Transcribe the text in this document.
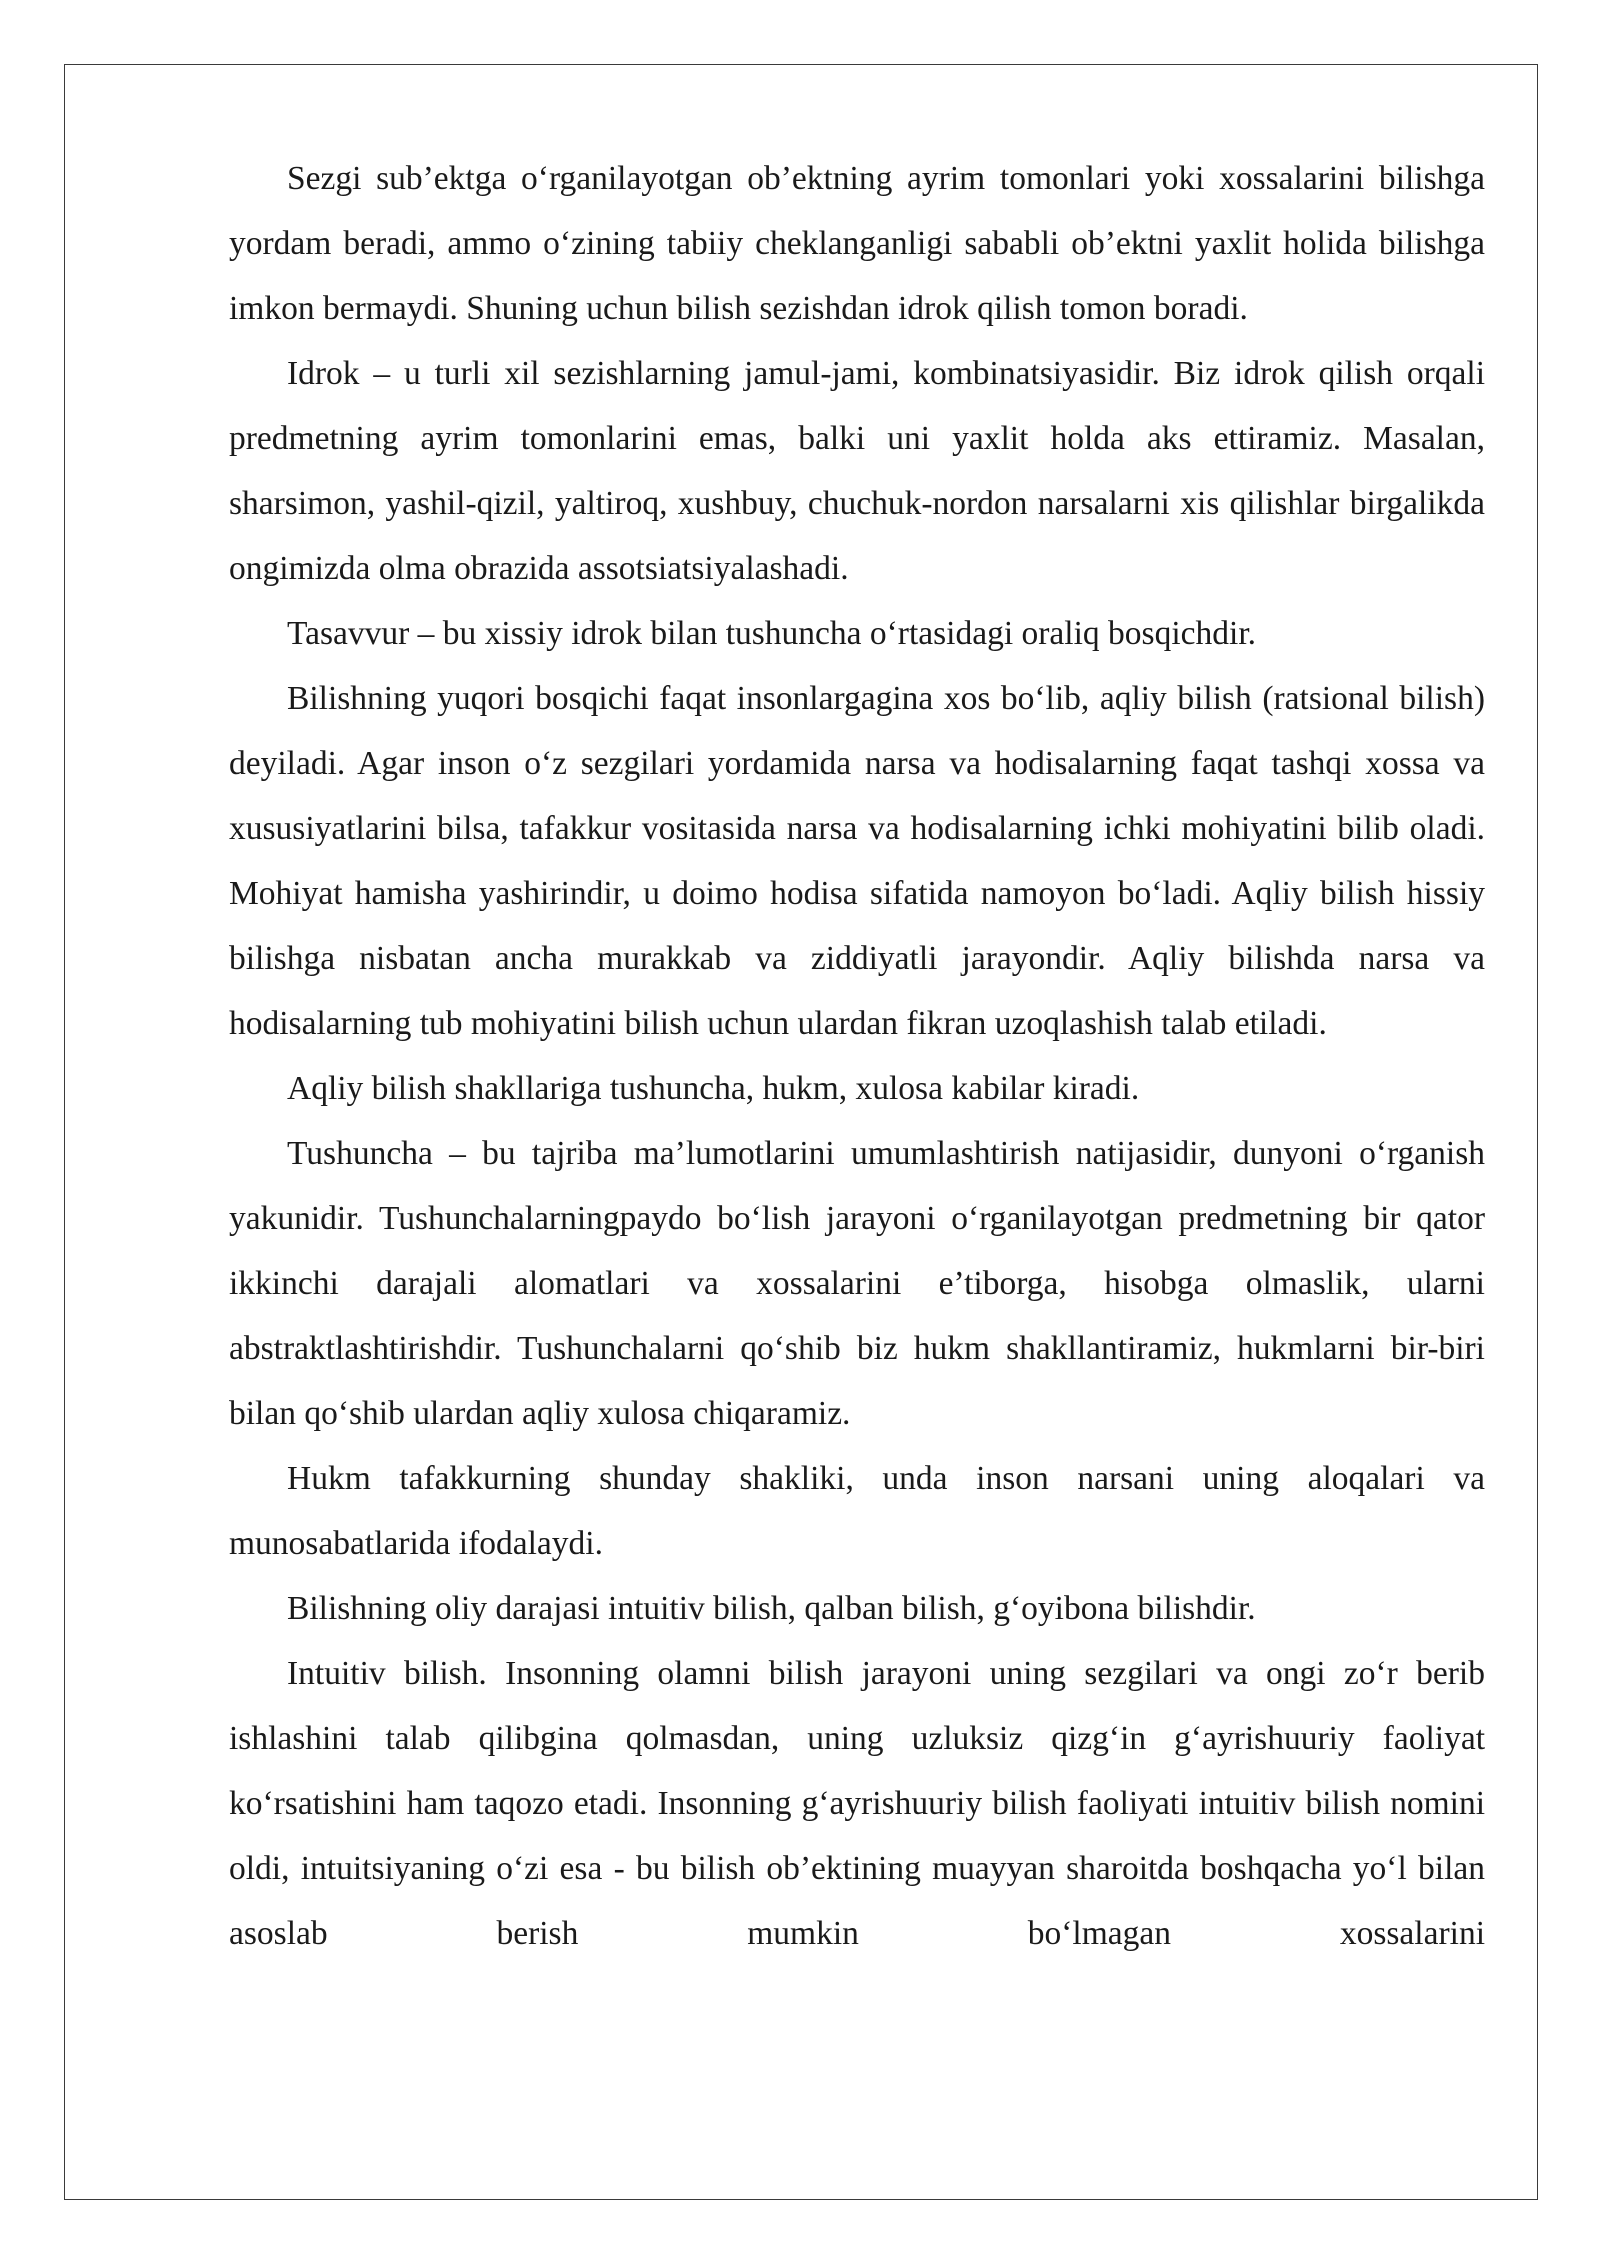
Sezgi sub’ektga o‘rganilayotgan ob’ektning ayrim tomonlari yoki xossalarini bilishga yordam beradi, ammo o‘zining tabiiy cheklanganligi sababli ob’ektni yaxlit holida bilishga imkon bermaydi. Shuning uchun bilish sezishdan idrok qilish tomon boradi.

Idrok – u turli xil sezishlarning jamul-jami, kombinatsiyasidir. Biz idrok qilish orqali predmetning ayrim tomonlarini emas, balki uni yaxlit holda aks ettiramiz. Masalan, sharsimon, yashil-qizil, yaltiroq, xushbuy, chuchuk-nordon narsalarni xis qilishlar birgalikda ongimizda olma obrazida assotsiatsiyalashadi.

Tasavvur – bu xissiy idrok bilan tushuncha o‘rtasidagi oraliq bosqichdir.

Bilishning yuqori bosqichi faqat insonlargagina xos bo‘lib, aqliy bilish (ratsional bilish) deyiladi. Agar inson o‘z sezgilari yordamida narsa va hodisalarning faqat tashqi xossa va xususiyatlarini bilsa, tafakkur vositasida narsa va hodisalarning ichki mohiyatini bilib oladi. Mohiyat hamisha yashirindir, u doimo hodisa sifatida namoyon bo‘ladi. Aqliy bilish hissiy bilishga nisbatan ancha murakkab va ziddiyatli jarayondir. Aqliy bilishda narsa va hodisalarning tub mohiyatini bilish uchun ulardan fikran uzoqlashish talab etiladi.

Aqliy bilish shakllariga tushuncha, hukm, xulosa kabilar kiradi.

Tushuncha – bu tajriba ma’lumotlarini umumlashtirish natijasidir, dunyoni o‘rganish yakunidir. Tushunchalarningpaydo bo‘lish jarayoni o‘rganilayotgan predmetning bir qator ikkinchi darajali alomatlari va xossalarini e’tiborga, hisobga olmaslik, ularni abstraktlashtirishdir. Tushunchalarni qo‘shib biz hukm shakllantiramiz, hukmlarni bir-biri bilan qo‘shib ulardan aqliy xulosa chiqaramiz.

Hukm tafakkurning shunday shakliki, unda inson narsani uning aloqalari va munosabatlarida ifodalaydi.

Bilishning oliy darajasi intuitiv bilish, qalban bilish, g‘oyibona bilishdir.

Intuitiv bilish. Insonning olamni bilish jarayoni uning sezgilari va ongi zo‘r berib ishlashini talab qilibgina qolmasdan, uning uzluksiz qizg‘in g‘ayrishuuriy faoliyat ko‘rsatishini ham taqozo etadi. Insonning g‘ayrishuuriy bilish faoliyati intuitiv bilish nomini oldi, intuitsiyaning o‘zi esa - bu bilish ob’ektining muayyan sharoitda boshqacha yo‘l bilan asoslab berish mumkin bo‘lmagan xossalarini
